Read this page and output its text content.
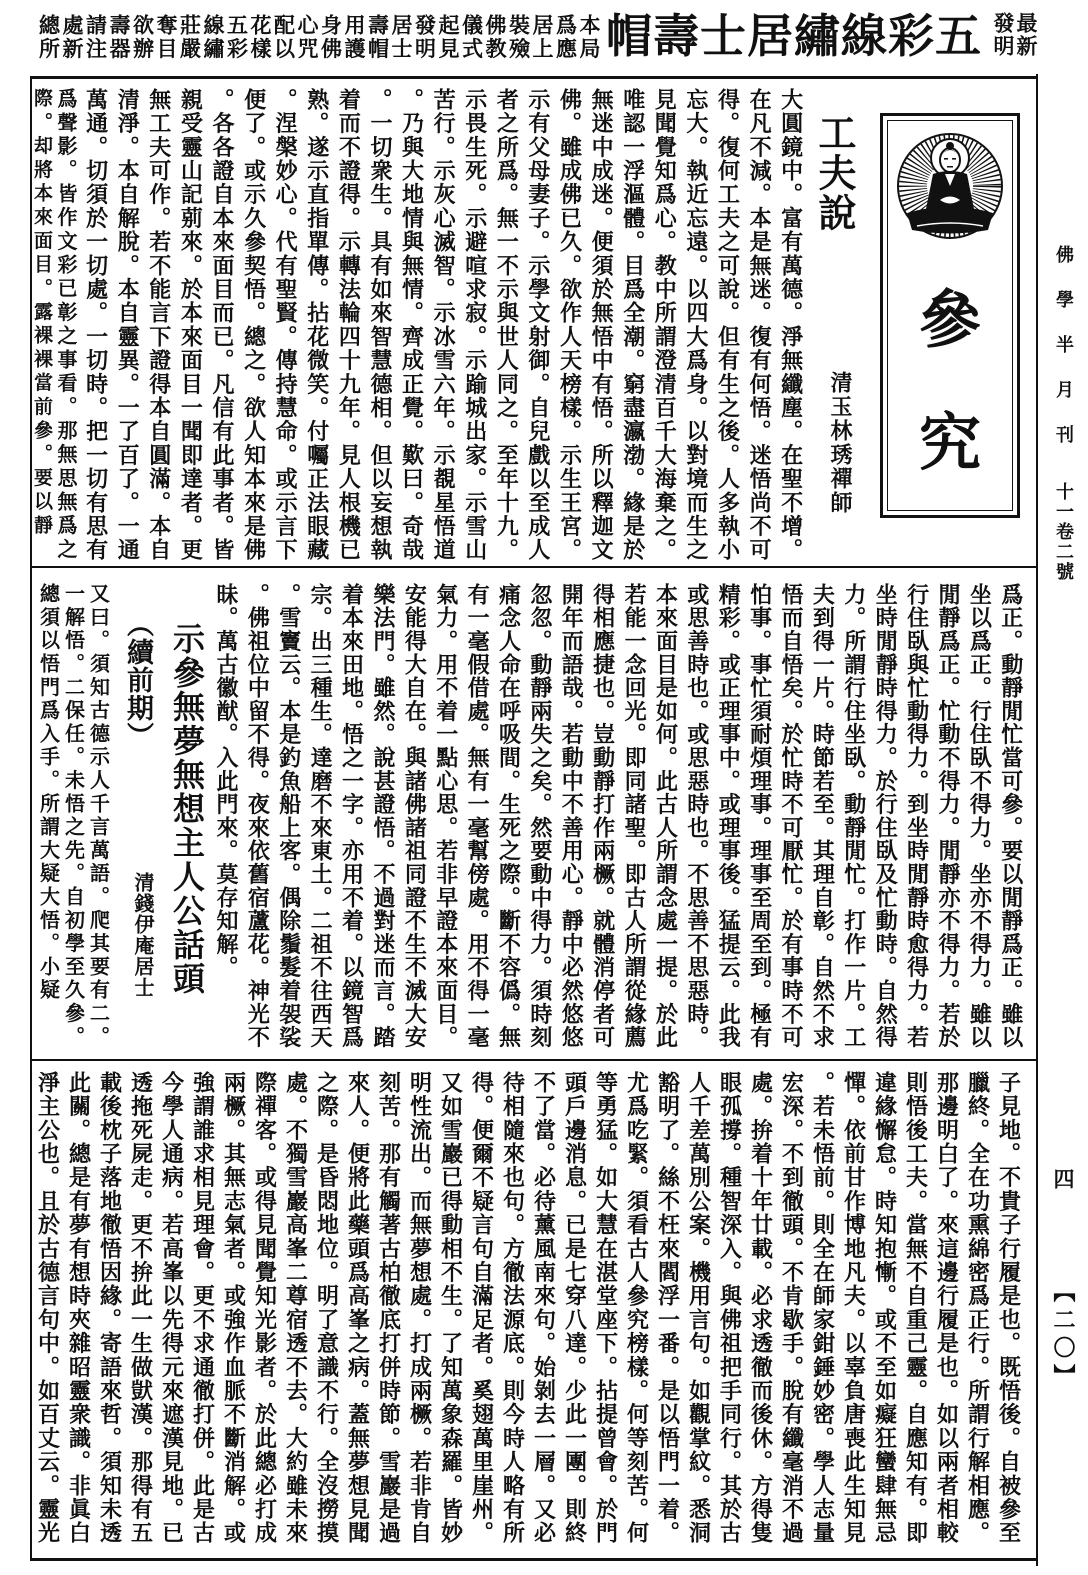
本局爲應居上裝殮佛教儀式起見發明居士壽帽用護身佛心咒配以花樣五彩線繡莊嚴奪目欲辦壽器請注處新總所	五彩線繡居士壽帽	最新發明
佛學半月刊
十一卷二號
四
【二〇】
參
究
工夫說
清玉林琇禪師
大圓鏡中。富有萬德。淨無纖塵。在聖不增。
在凡不減。本是無迷。復有何悟。迷悟尚不可
得。復何工夫之可說。但有生之後。人多執小
忘大。執近忘遠。以四大爲身。以對境而生之
見聞覺知爲心。教中所謂澄清百千大海棄之。
唯認一浮漚體。目爲全潮。窮盡瀛渤。緣是於
無迷中成迷。便須於無悟中有悟。所以釋迦文
佛。雖成佛已久。欲作人天榜樣。示生王宮。
示有父母妻子。示學文射御。自兒戲以至成人
者之所爲。無一不示與世人同之。至年十九。
示畏生死。示避喧求寂。示踰城出家。示雪山
苦行。示灰心滅智。示冰雪六年。示覩星悟道
。乃與大地情與無情。齊成正覺。歎曰。奇哉
。一切衆生。具有如來智慧德相。但以妄想執
着而不證得。示轉法輪四十九年。見人根機已
熟。遂示直指單傳。拈花微笑。付囑正法眼藏
。涅槃妙心。代有聖賢。傳持慧命。或示言下
便了。或示久參契悟。總之。欲人知本來是佛
。各各證自本來面目而已。凡信有此事者。皆
親受靈山記莂來。於本來面目一聞即達者。更
無工夫可作。若不能言下證得本自圓滿。本自
清淨。本自解脫。本自靈異。一了百了。一通
萬通。切須於一切處。一切時。把一切有思有
爲聲影。皆作文彩已彰之事看。那無思無爲之
際。却將本來面目。露裸裸當前參。要以靜
爲正。動靜閒忙當可參。要以閒靜爲正。雖以
坐以爲正。行住臥不得力。坐亦不得力。雖以
閒靜爲正。忙動不得力。閒靜亦不得力。若於
行住臥與忙動得力。到坐時閒靜時愈得力。若
坐時閒靜時得力。於行住臥及忙動時。自然得
力。所謂行住坐臥。動靜閒忙。打作一片。工
夫到得一片。時節若至。其理自彰。自然不求
悟而自悟矣。於忙時不可厭忙。於有事時不可
怕事。事忙須耐煩理事。理事至周至到。極有
精彩。或正理事中。或理事後。猛提云。此我
或思善時也。或思惡時也。不思善不思惡時。
本來面目是如何。此古人所謂念處一提。於此
若能一念回光。即同諸聖。即古人所謂從緣薦
得相應捷也。豈動靜打作兩橛。就體消停者可
開年而語哉。若動中不善用心。靜中必然悠悠
忽忽。動靜兩失之矣。然要動中得力。須時刻
痛念人命在呼吸間。生死之際。斷不容僞。無
有一毫假借處。無有一毫幫傍處。用不得一毫
氣力。用不着一點心思。若非早證本來面目。
安能得大自在。與諸佛諸祖同證不生不滅大安
樂法門。雖然。說甚證悟。不過對迷而言。踏
着本來田地。悟之一字。亦用不着。以鏡智爲
宗。出三種生。達磨不來東土。二祖不往西天
。雪竇云。本是釣魚船上客。偶除鬚髮着袈裟
。佛祖位中留不得。夜來依舊宿蘆花。神光不
昧。萬古徽猷。入此門來。莫存知解。
示參無夢無想主人公話頭
（續前期）
清錢伊庵居士
又曰。須知古德示人千言萬語。爬其要有二。
一解悟。二保任。未悟之先。自初學至久參。
總須以悟門爲入手。所謂大疑大悟。小疑
子見地。不貴子行履是也。既悟後。自被參至
臘終。全在功熏綿密爲正行。所謂行解相應。
那邊明白了。來這邊行履是也。如以兩者相較
則悟後工夫。當無不自重己靈。自應知有。即
違緣懈怠。時知抱慚。或不至如癡狂蠻肆無忌
憚。依前甘作博地凡夫。以辜負唐喪此生知見
。若未悟前。則全在師家鉗錘妙密。學人志量
宏深。不到徹頭。不肯歇手。脫有纖毫消不過
處。拚着十年廿載。必求透徹而後休。方得隻
眼孤撐。種智深入。與佛祖把手同行。其於古
人千差萬別公案。機用言句。如觀掌紋。悉洞
豁明了。絲不枉來閻浮一番。是以悟門一着。
尤爲吃緊。須看古人參究榜樣。何等刻苦。何
等勇猛。如大慧在湛堂座下。拈提曾會。於門
頭戶邊消息。已是七穿八達。少此一團。則終
不了當。必待薰風南來句。始剝去一層。又必
待相隨來也句。方徹法源底。則今時人略有所
得。便爾不疑言句自滿足者。奚翅萬里崖州。
又如雪巖已得動相不生。了知萬象森羅。皆妙
明性流出。而無夢想處。打成兩橛。若非肯自
刻苦。那有觸著古柏徹底打併時節。雪巖是過
來人。便將此藥頭爲高峯之病。蓋無夢想見聞
之際。是昏悶地位。明了意識不行。全沒撈摸
處。不獨雪巖高峯二尊宿透不去。大約雖未來
際禪客。或得見聞覺知光影者。於此總必打成
兩橛。其無志氣者。或強作血脈不斷消解。或
強謂誰求相見理會。更不求通徹打併。此是古
今學人通病。若高峯以先得元來遮漢見地。已
透拖死屍走。更不拚此一生做獃漢。那得有五
載後枕子落地徹悟因緣。寄語來哲。須知未透
此關。總是有夢有想時夾雜昭靈衆識。非眞白
淨主公也。且於古德言句中。如百丈云。靈光
